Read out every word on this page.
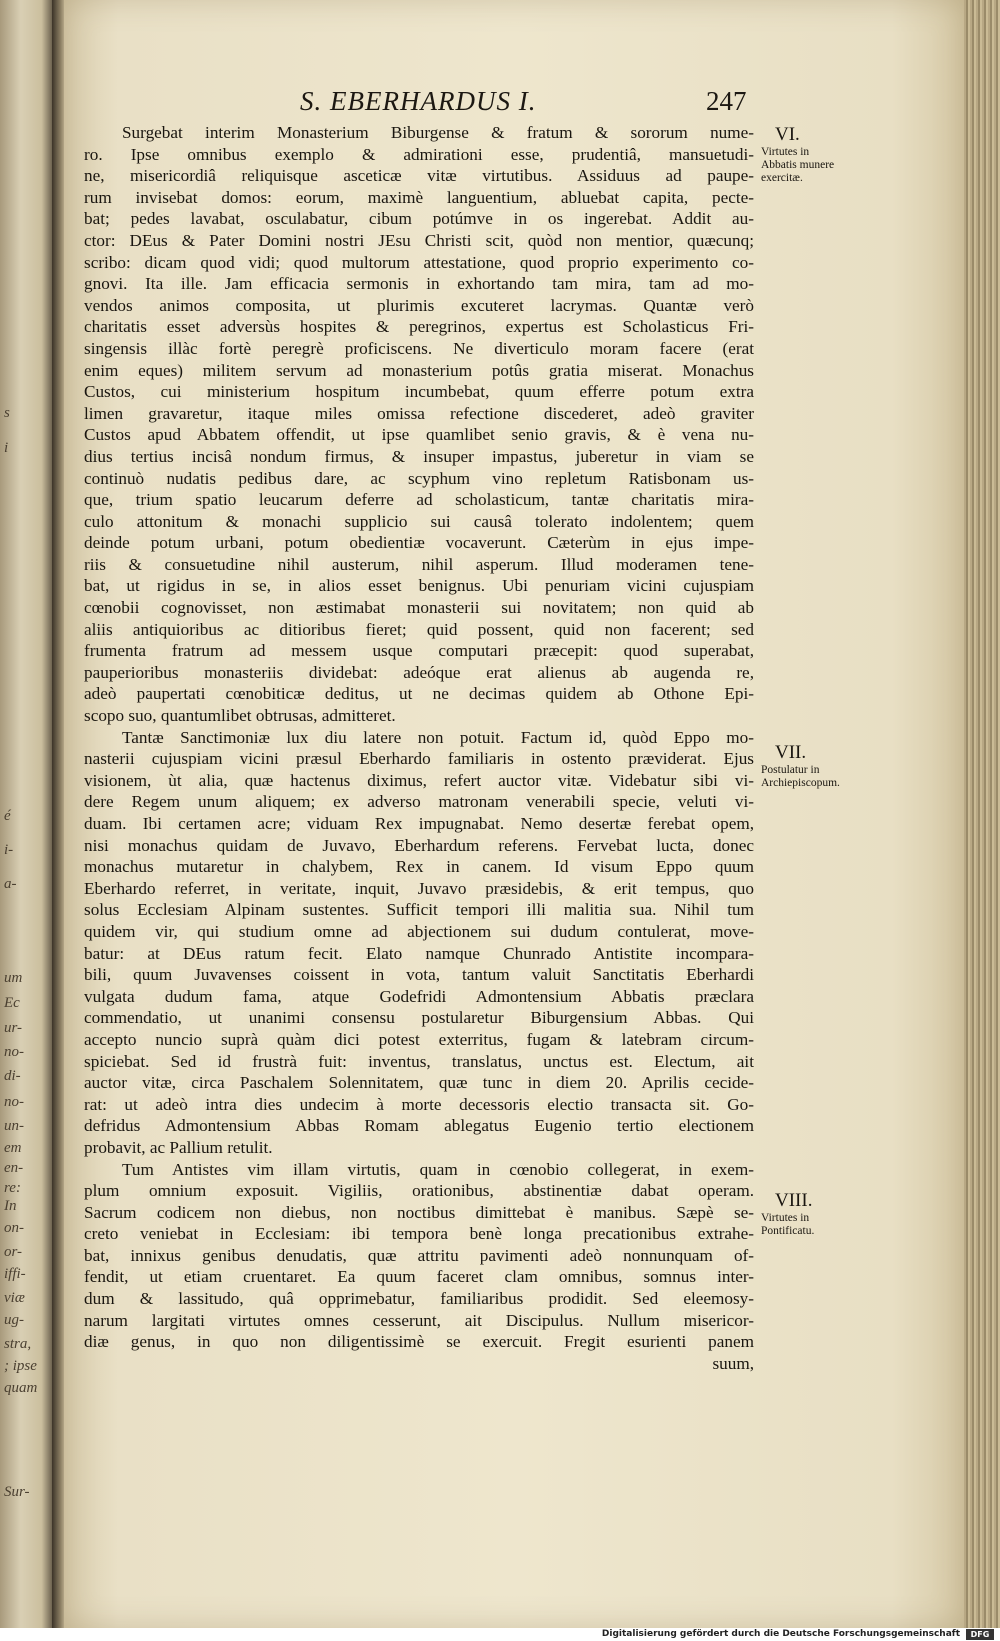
s
i
é
i-
a-
um
Ec
ur-
no-
di-
no-
un-
em
en-
re:
In
on-
or-
iffi-
viæ
ug-
stra,
; ipse
quam
Sur-
S. EBERHARDUS I.	247
Surgebat interim Monasterium Biburgense & fratum & sororum nume-
ro. Ipse omnibus exemplo & admirationi esse, prudentiâ, mansuetudi-
ne, misericordiâ reliquisque asceticæ vitæ virtutibus. Assiduus ad paupe-
rum invisebat domos: eorum, maximè languentium, abluebat capita, pecte-
bat; pedes lavabat, osculabatur, cibum potúmve in os ingerebat. Addit au-
ctor: DEus & Pater Domini nostri JEsu Christi scit, quòd non mentior, quæcunq;
scribo: dicam quod vidi; quod multorum attestatione, quod proprio experimento co-
gnovi. Ita ille. Jam efficacia sermonis in exhortando tam mira, tam ad mo-
vendos animos composita, ut plurimis excuteret lacrymas. Quantæ verò
charitatis esset adversùs hospites & peregrinos, expertus est Scholasticus Fri-
singensis illàc fortè peregrè proficiscens. Ne diverticulo moram facere (erat
enim eques) militem servum ad monasterium potûs gratia miserat. Monachus
Custos, cui ministerium hospitum incumbebat, quum efferre potum extra
limen gravaretur, itaque miles omissa refectione discederet, adeò graviter
Custos apud Abbatem offendit, ut ipse quamlibet senio gravis, & è vena nu-
dius tertius incisâ nondum firmus, & insuper impastus, juberetur in viam se
continuò nudatis pedibus dare, ac scyphum vino repletum Ratisbonam us-
que, trium spatio leucarum deferre ad scholasticum, tantæ charitatis mira-
culo attonitum & monachi supplicio sui causâ tolerato indolentem; quem
deinde potum urbani, potum obedientiæ vocaverunt. Cæterùm in ejus impe-
riis & consuetudine nihil austerum, nihil asperum. Illud moderamen tene-
bat, ut rigidus in se, in alios esset benignus. Ubi penuriam vicini cujuspiam
cœnobii cognovisset, non æstimabat monasterii sui novitatem; non quid ab
aliis antiquioribus ac ditioribus fieret; quid possent, quid non facerent; sed
frumenta fratrum ad messem usque computari præcepit: quod superabat,
pauperioribus monasteriis dividebat: adeóque erat alienus ab augenda re,
adeò paupertati cœnobiticæ deditus, ut ne decimas quidem ab Othone Epi-
scopo suo, quantumlibet obtrusas, admitteret.
Tantæ Sanctimoniæ lux diu latere non potuit. Factum id, quòd Eppo mo-
nasterii cujuspiam vicini præsul Eberhardo familiaris in ostento præviderat. Ejus
visionem, ùt alia, quæ hactenus diximus, refert auctor vitæ. Videbatur sibi vi-
dere Regem unum aliquem; ex adverso matronam venerabili specie, veluti vi-
duam. Ibi certamen acre; viduam Rex impugnabat. Nemo desertæ ferebat opem,
nisi monachus quidam de Juvavo, Eberhardum referens. Fervebat lucta, donec
monachus mutaretur in chalybem, Rex in canem. Id visum Eppo quum
Eberhardo referret, in veritate, inquit, Juvavo præsidebis, & erit tempus, quo
solus Ecclesiam Alpinam sustentes. Sufficit tempori illi malitia sua. Nihil tum
quidem vir, qui studium omne ad abjectionem sui dudum contulerat, move-
batur: at DEus ratum fecit. Elato namque Chunrado Antistite incompara-
bili, quum Juvavenses coissent in vota, tantum valuit Sanctitatis Eberhardi
vulgata dudum fama, atque Godefridi Admontensium Abbatis præclara
commendatio, ut unanimi consensu postularetur Biburgensium Abbas. Qui
accepto nuncio suprà quàm dici potest exterritus, fugam & latebram circum-
spiciebat. Sed id frustrà fuit: inventus, translatus, unctus est. Electum, ait
auctor vitæ, circa Paschalem Solennitatem, quæ tunc in diem 20. Aprilis cecide-
rat: ut adeò intra dies undecim à morte decessoris electio transacta sit. Go-
defridus Admontensium Abbas Romam ablegatus Eugenio tertio electionem
probavit, ac Pallium retulit.
Tum Antistes vim illam virtutis, quam in cœnobio collegerat, in exem-
plum omnium exposuit. Vigiliis, orationibus, abstinentiæ dabat operam.
Sacrum codicem non diebus, non noctibus dimittebat è manibus. Sæpè se-
creto veniebat in Ecclesiam: ibi tempora benè longa precationibus extrahe-
bat, innixus genibus denudatis, quæ attritu pavimenti adeò nonnunquam of-
fendit, ut etiam cruentaret. Ea quum faceret clam omnibus, somnus inter-
dum & lassitudo, quâ opprimebatur, familiaribus prodidit. Sed eleemosy-
narum largitati virtutes omnes cesserunt, ait Discipulus. Nullum misericor-
diæ genus, in quo non diligentissimè se exercuit. Fregit esurienti panem
suum,
VI.
Virtutes in Abbatis munere exercitæ.
VII.
Postulatur in Archiepiscopum.
VIII.
Virtutes in Pontificatu.
Digitalisierung gefördert durch die Deutsche Forschungsgemeinschaft	DFG
